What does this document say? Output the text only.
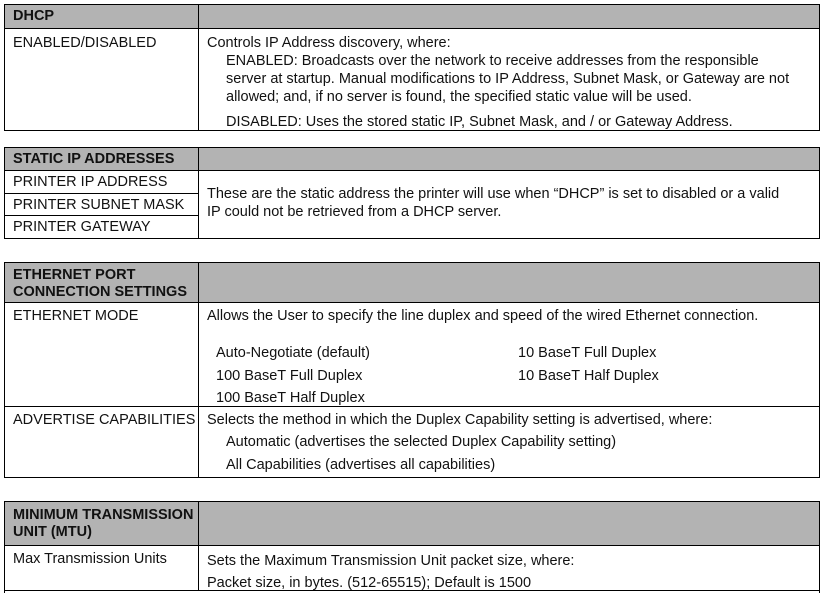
DHCP
ENABLED/DISABLED	Controls IP Address discovery, where:

ENABLED: Broadcasts over the network to receive addresses from the responsible

server at startup. Manual modifications to IP Address, Subnet Mask, or Gateway are not

allowed; and, if no server is found, the specified static value will be used.

DISABLED: Uses the stored static IP, Subnet Mask, and / or Gateway Address.

STATIC IP ADDRESSES
PRINTER IP ADDRESS
PRINTER SUBNET MASK
PRINTER GATEWAY

These are the static address the printer will use when “DHCP” is set to disabled or a valid

IP could not be retrieved from a DHCP server.

ETHERNET PORT
CONNECTION SETTINGS
ETHERNET MODE	Allows the User to specify the line duplex and speed of the wired Ethernet connection.

Auto-Negotiate (default)
100 BaseT Full Duplex
100 BaseT Half Duplex
10 BaseT Full Duplex
10 BaseT Half Duplex
ADVERTISE CAPABILITIES Selects the method in which the Duplex Capability setting is advertised, where:

Automatic (advertises the selected Duplex Capability setting)

All Capabilities (advertises all capabilities)

MINIMUM TRANSMISSION
UNIT (MTU)
Max Transmission Units	Sets the Maximum Transmission Unit packet size, where:

Packet size, in bytes. (512-65515); Default is 1500
